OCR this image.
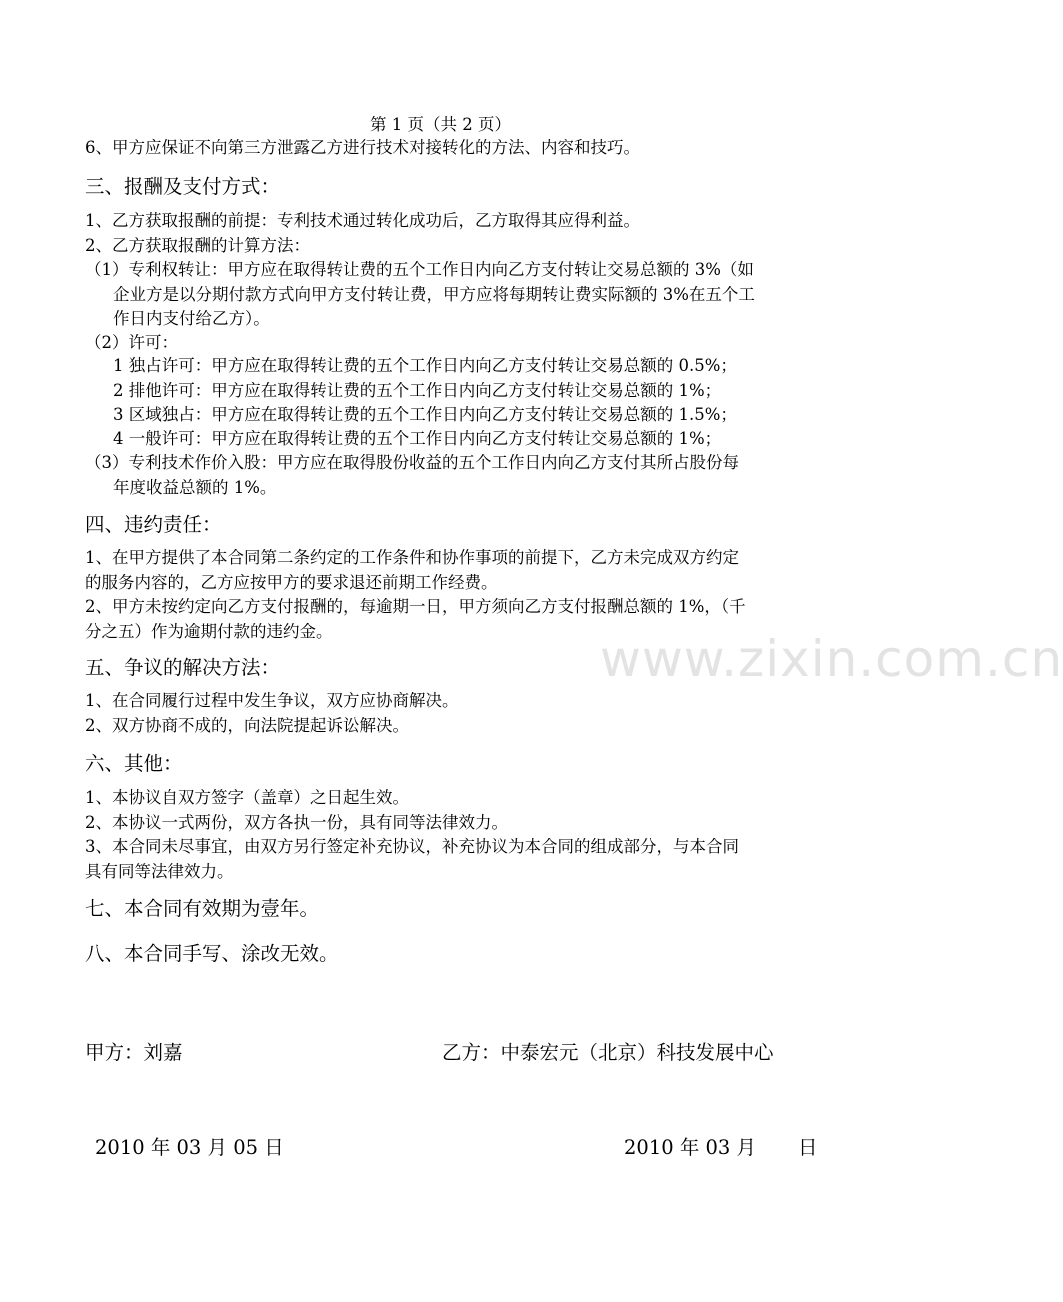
www.zixin.com.cn
第 1 页（共 2 页）
6、甲方应保证不向第三方泄露乙方进行技术对接转化的方法、内容和技巧。
三、报酬及支付方式：
1、乙方获取报酬的前提：专利技术通过转化成功后，乙方取得其应得利益。
2、乙方获取报酬的计算方法：
（1）专利权转让：甲方应在取得转让费的五个工作日内向乙方支付转让交易总额的 3%（如
企业方是以分期付款方式向甲方支付转让费，甲方应将每期转让费实际额的 3%在五个工
作日内支付给乙方）。
（2）许可：
1 独占许可：甲方应在取得转让费的五个工作日内向乙方支付转让交易总额的 0.5%；
2 排他许可：甲方应在取得转让费的五个工作日内向乙方支付转让交易总额的 1%；
3 区域独占：甲方应在取得转让费的五个工作日内向乙方支付转让交易总额的 1.5%；
4 一般许可：甲方应在取得转让费的五个工作日内向乙方支付转让交易总额的 1%；
（3）专利技术作价入股：甲方应在取得股份收益的五个工作日内向乙方支付其所占股份每
年度收益总额的 1%。
四、违约责任：
1、在甲方提供了本合同第二条约定的工作条件和协作事项的前提下，乙方未完成双方约定
的服务内容的，乙方应按甲方的要求退还前期工作经费。
2、甲方未按约定向乙方支付报酬的，每逾期一日，甲方须向乙方支付报酬总额的 1%，（千
分之五）作为逾期付款的违约金。
五、争议的解决方法：
1、在合同履行过程中发生争议，双方应协商解决。
2、双方协商不成的，向法院提起诉讼解决。
六、其他：
1、本协议自双方签字（盖章）之日起生效。
2、本协议一式两份，双方各执一份，具有同等法律效力。
3、本合同未尽事宜，由双方另行签定补充协议，补充协议为本合同的组成部分，与本合同
具有同等法律效力。
七、本合同有效期为壹年。
八、本合同手写、涂改无效。
甲方：刘嘉	乙方：中泰宏元（北京）科技发展中心
2010 年 03 月 05 日	2010 年 03 月 日
